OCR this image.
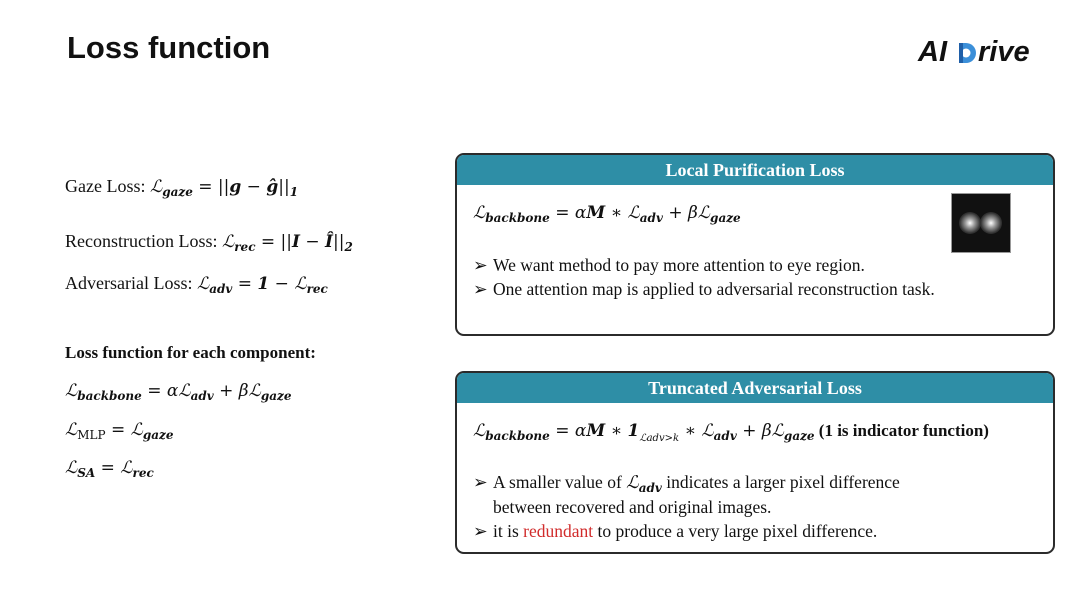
Loss function	AI rive
Gaze Loss: ℒ$_{gaze}$ = $||g - ĝ||_1$
Reconstruction Loss: ℒ$_{rec}$ = $||I - Î||_2$
Adversarial Loss: ℒ$_{adv}$ = 1 − ℒ$_{rec}$
Loss function for each component:
ℒ$_{backbone}$ = αℒ$_{adv}$ + βℒ$_{gaze}$
ℒ$_{MLP}$ = ℒ$_{gaze}$
ℒ$_{SA}$ = ℒ$_{rec}$
Local Purification Loss
ℒ$_{backbone}$ = αM ∗ ℒ$_{adv}$ + βℒ$_{gaze}$
➢ We want method to pay more attention to eye region.
➢ One attention map is applied to adversarial reconstruction task.
Truncated Adversarial Loss
ℒ$_{backbone}$ = αM ∗ $1_{ℒadv>k}$ ∗ ℒ$_{adv}$ + βℒ$_{gaze}$ (1 is indicator function)
➢ A smaller value of ℒ$_{adv}$ indicates a larger pixel difference
between recovered and original images.
➢ it is redundant to produce a very large pixel difference.
